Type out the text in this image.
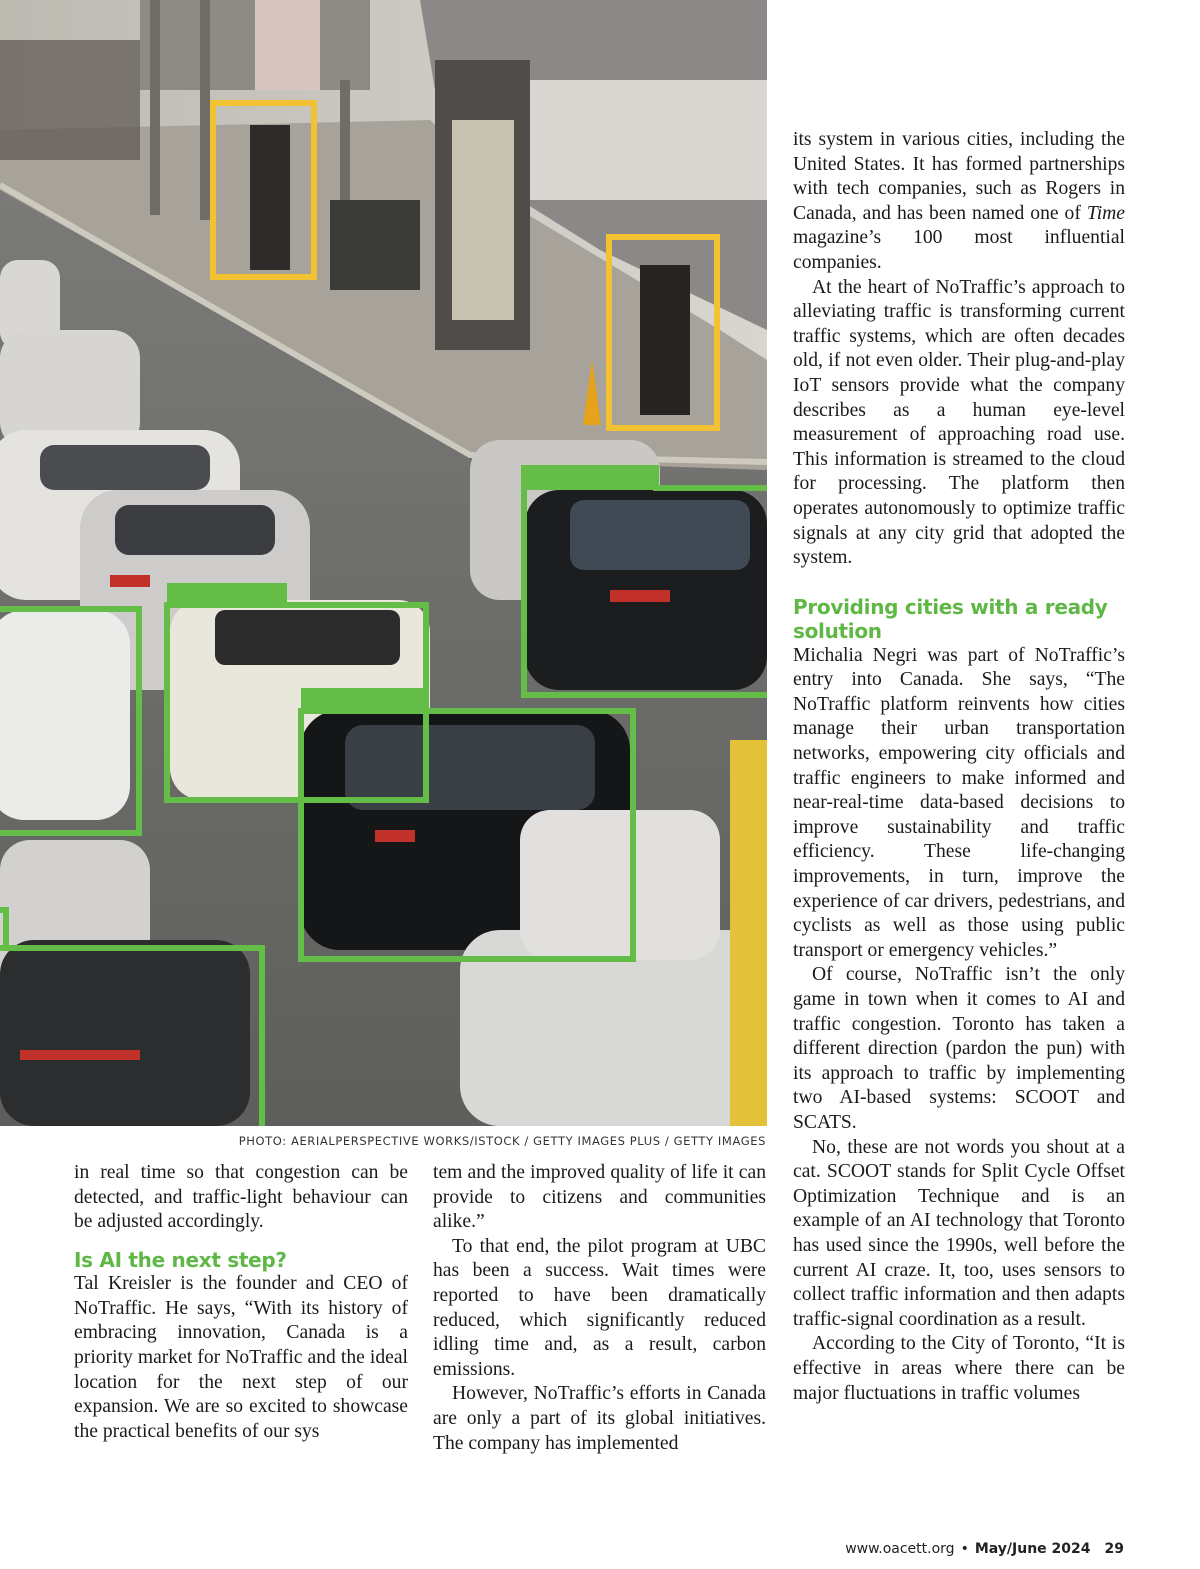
PHOTO: AERIALPERSPECTIVE WORKS/ISTOCK / GETTY IMAGES PLUS / GETTY IMAGES

in real time so that congestion can be detected, and traffic-light behaviour can be adjusted accordingly.

Is AI the next step?

Tal Kreisler is the founder and CEO of NoTraffic. He says, “With its history of embracing innovation, Canada is a priority market for NoTraffic and the ideal location for the next step of our expansion. We are so excited to showcase the practical benefits of our sys

tem and the improved quality of life it can provide to citizens and communities alike.”

To that end, the pilot program at UBC has been a success. Wait times were reported to have been dramatically reduced, which significantly reduced idling time and, as a result, carbon emissions.

However, NoTraffic’s efforts in Canada are only a part of its global initiatives. The company has implemented

its system in various cities, including the United States. It has formed partnerships with tech companies, such as Rogers in Canada, and has been named one of Time magazine’s 100 most influential companies.

At the heart of NoTraffic’s approach to alleviating traffic is transforming current traffic systems, which are often decades old, if not even older. Their plug-and-play IoT sensors provide what the company describes as a human eye-level measurement of approaching road use. This information is streamed to the cloud for processing. The platform then operates autonomously to optimize traffic signals at any city grid that adopted the system.

Providing cities with a ready solution

Michalia Negri was part of NoTraffic’s entry into Canada. She says, “The NoTraffic platform reinvents how cities manage their urban transportation networks, empowering city officials and traffic engineers to make informed and near-real-time data-based decisions to improve sustainability and traffic efficiency. These life-changing improvements, in turn, improve the experience of car drivers, pedestrians, and cyclists as well as those using public transport or emergency vehicles.”

Of course, NoTraffic isn’t the only game in town when it comes to AI and traffic congestion. Toronto has taken a different direction (pardon the pun) with its approach to traffic by implementing two AI-based systems: SCOOT and SCATS.

No, these are not words you shout at a cat. SCOOT stands for Split Cycle Offset Optimization Technique and is an example of an AI technology that Toronto has used since the 1990s, well before the current AI craze. It, too, uses sensors to collect traffic information and then adapts traffic-signal coordination as a result.

According to the City of Toronto, “It is effective in areas where there can be major fluctuations in traffic volumes

www.oacett.org • May/June 2024 29
